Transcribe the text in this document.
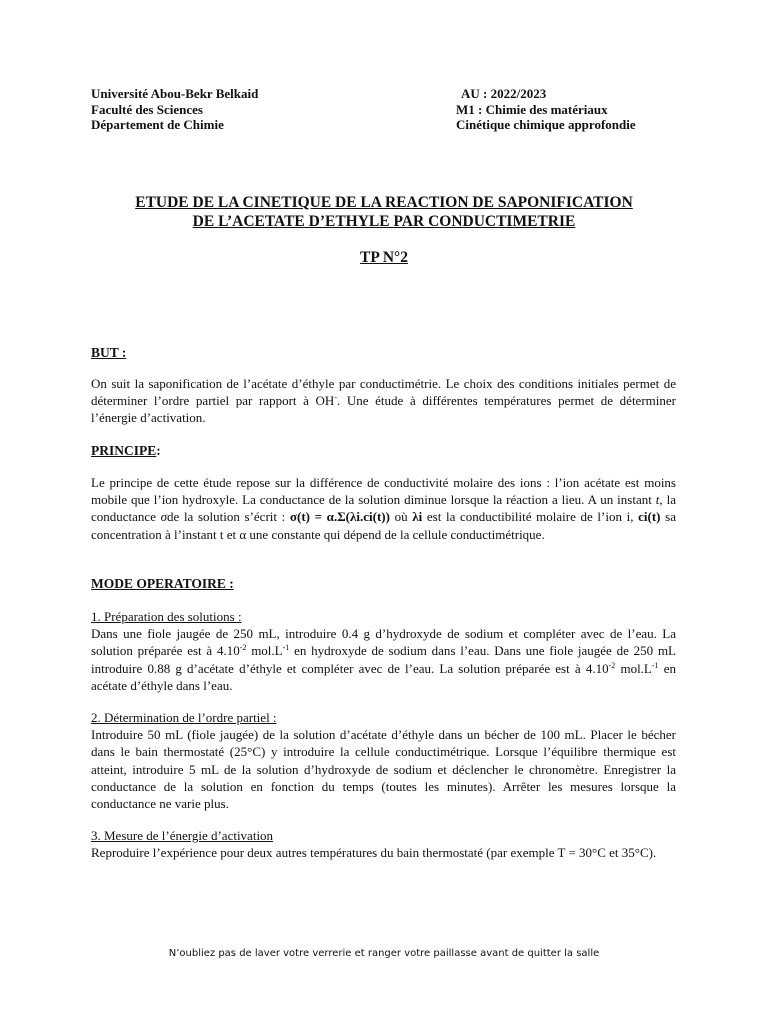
Université Abou-Bekr Belkaid
Faculté des Sciences
Département de Chimie
AU : 2022/2023
M1 : Chimie des matériaux
Cinétique chimique approfondie
ETUDE DE LA CINETIQUE DE LA REACTION DE SAPONIFICATION
DE L’ACETATE D’ETHYLE PAR CONDUCTIMETRIE
TP N°2
BUT :
On suit la saponification de l’acétate d’éthyle par conductimétrie. Le choix des conditions initiales permet de déterminer l’ordre partiel par rapport à OH-. Une étude à différentes températures permet de déterminer l’énergie d’activation.
PRINCIPE:
Le principe de cette étude repose sur la différence de conductivité molaire des ions : l’ion acétate est moins mobile que l’ion hydroxyle. La conductance de la solution diminue lorsque la réaction a lieu. A un instant t, la conductance σde la solution s’écrit : σ(t) = α.Σ(λi.ci(t)) où λi est la conductibilité molaire de l’ion i, ci(t) sa concentration à l’instant t et α une constante qui dépend de la cellule conductimétrique.
MODE OPERATOIRE :
1. Préparation des solutions :
Dans une fiole jaugée de 250 mL, introduire 0.4 g d’hydroxyde de sodium et compléter avec de l’eau. La solution préparée est à $4.10^{-2}$ $mol.L^{-1}$ en hydroxyde de sodium dans l’eau. Dans une fiole jaugée de 250 mL introduire 0.88 g d’acétate d’éthyle et compléter avec de l’eau. La solution préparée est à $4.10^{-2}$ $mol.L^{-1}$ en acétate d’éthyle dans l’eau.
2. Détermination de l’ordre partiel :
Introduire 50 mL (fiole jaugée) de la solution d’acétate d’éthyle dans un bécher de 100 mL. Placer le bécher dans le bain thermostaté (25°C) y introduire la cellule conductimétrique. Lorsque l’équilibre thermique est atteint, introduire 5 mL de la solution d’hydroxyde de sodium et déclencher le chronomètre. Enregistrer la conductance de la solution en fonction du temps (toutes les minutes). Arrêter les mesures lorsque la conductance ne varie plus.
3. Mesure de l’énergie d’activation
Reproduire l’expérience pour deux autres températures du bain thermostaté (par exemple T = 30°C et 35°C).
N’oubliez pas de laver votre verrerie et ranger votre paillasse avant de quitter la salle
